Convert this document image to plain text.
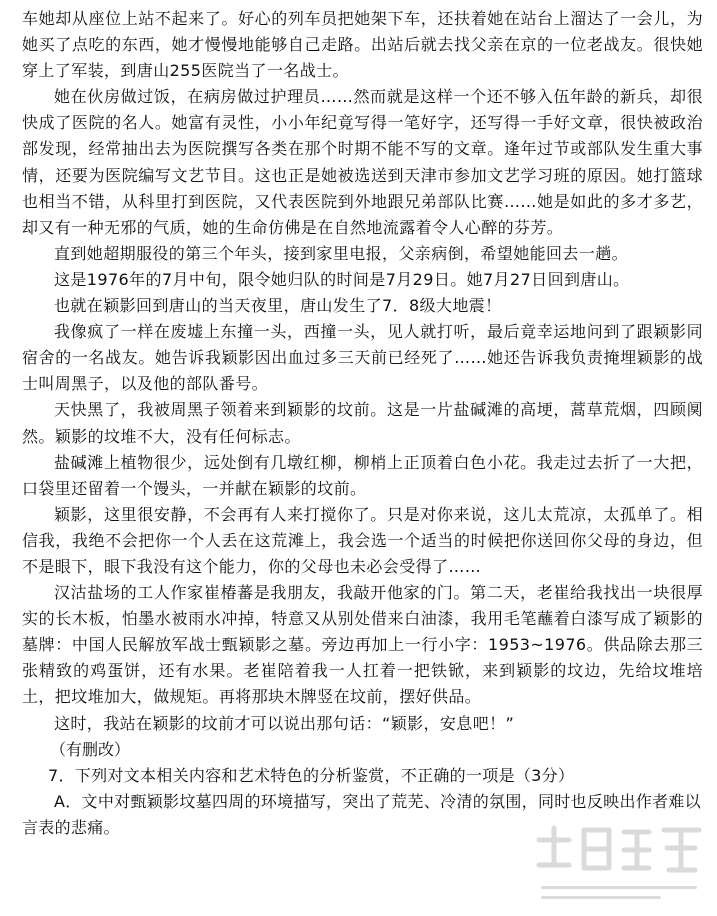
车她却从座位上站不起来了。好心的列车员把她架下车，还扶着她在站台上溜达了一会儿，为她买了点吃的东西，她才慢慢地能够自己走路。出站后就去找父亲在京的一位老战友。很快她穿上了军装，到唐山255医院当了一名战士。

她在伙房做过饭，在病房做过护理员……然而就是这样一个还不够入伍年龄的新兵，却很快成了医院的名人。她富有灵性，小小年纪竟写得一笔好字，还写得一手好文章，很快被政治部发现，经常抽出去为医院撰写各类在那个时期不能不写的文章。逢年过节或部队发生重大事情，还要为医院编写文艺节目。这也正是她被选送到天津市参加文艺学习班的原因。她打篮球也相当不错，从科里打到医院，又代表医院到外地跟兄弟部队比赛……她是如此的多才多艺，却又有一种无邪的气质，她的生命仿佛是在自然地流露着令人心醉的芬芳。

直到她超期服役的第三个年头，接到家里电报，父亲病倒，希望她能回去一趟。

这是1976年的7月中旬，限令她归队的时间是7月29日。她7月27日回到唐山。

也就在颖影回到唐山的当天夜里，唐山发生了7．8级大地震！

我像疯了一样在废墟上东撞一头，西撞一头，见人就打听，最后竟幸运地问到了跟颖影同宿舍的一名战友。她告诉我颖影因出血过多三天前已经死了……她还告诉我负责掩埋颖影的战士叫周黑子，以及他的部队番号。

天快黑了，我被周黑子领着来到颖影的坟前。这是一片盐碱滩的高埂，蒿草荒烟，四顾阒然。颖影的坟堆不大，没有任何标志。

盐碱滩上植物很少，远处倒有几墩红柳，柳梢上正顶着白色小花。我走过去折了一大把，口袋里还留着一个馒头，一并献在颖影的坟前。

颖影，这里很安静，不会再有人来打搅你了。只是对你来说，这儿太荒凉，太孤单了。相信我，我绝不会把你一个人丢在这荒滩上，我会选一个适当的时候把你送回你父母的身边，但不是眼下，眼下我没有这个能力，你的父母也未必会受得了……

汉沽盐场的工人作家崔椿蕃是我朋友，我敲开他家的门。第二天，老崔给我找出一块很厚实的长木板，怕墨水被雨水冲掉，特意又从别处借来白油漆，我用毛笔蘸着白漆写成了颖影的墓牌：中国人民解放军战士甄颖影之墓。旁边再加上一行小字：1953~1976。供品除去那三张精致的鸡蛋饼，还有水果。老崔陪着我一人扛着一把铁锨，来到颖影的坟边，先给坟堆培土，把坟堆加大，做规矩。再将那块木牌竖在坟前，摆好供品。

这时，我站在颖影的坟前才可以说出那句话：“颖影，安息吧！”

（有删改）

7．下列对文本相关内容和艺术特色的分析鉴赏，不正确的一项是（3分）

A．文中对甄颖影坟墓四周的环境描写，突出了荒芜、冷清的氛围，同时也反映出作者难以言表的悲痛。
